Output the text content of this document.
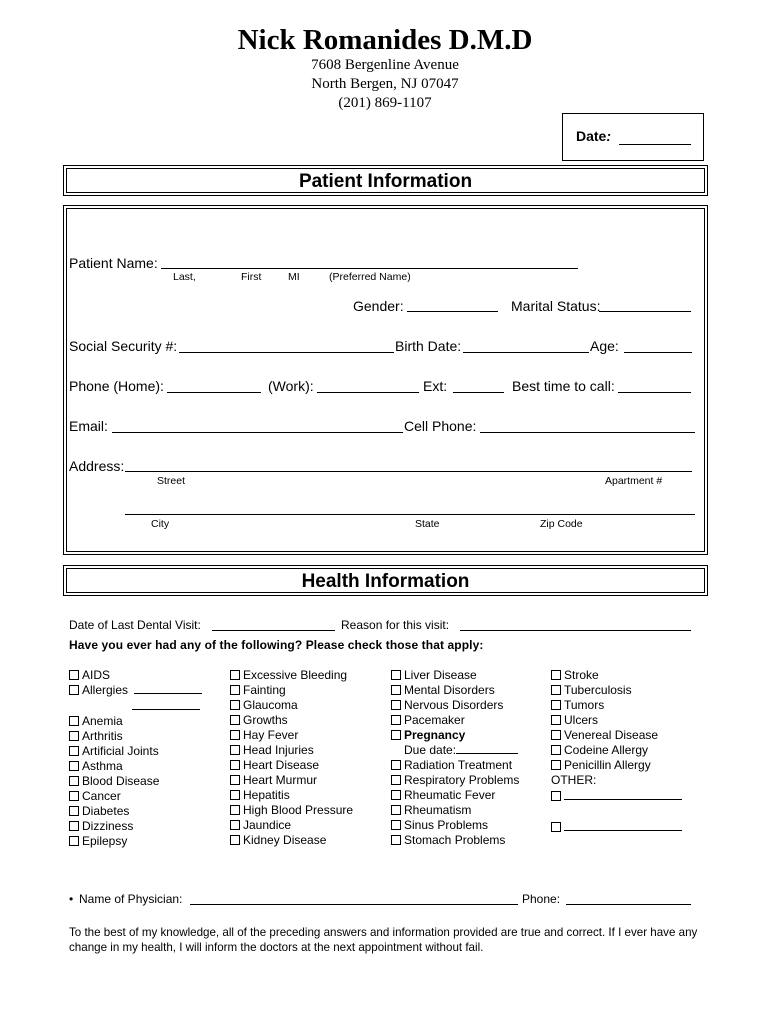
Nick Romanides D.M.D
7608 Bergenline Avenue
North Bergen, NJ 07047
(201) 869-1107
Date:
Patient Information
Patient Name:
Last,	First	MI	(Preferred Name)
Gender:	Marital Status:
Social Security #:	Birth Date:	Age:
Phone (Home):	(Work):	Ext:	Best time to call:
Email:	Cell Phone:
Address:
Street	Apartment #
City	State	Zip Code
Health Information
Date of Last Dental Visit:	Reason for this visit:
Have you ever had any of the following? Please check those that apply:
AIDS
Allergies
Anemia
Arthritis
Artificial Joints
Asthma
Blood Disease
Cancer
Diabetes
Dizziness
Epilepsy
Excessive Bleeding
Fainting
Glaucoma
Growths
Hay Fever
Head Injuries
Heart Disease
Heart Murmur
Hepatitis
High Blood Pressure
Jaundice
Kidney Disease
Liver Disease
Mental Disorders
Nervous Disorders
Pacemaker
Pregnancy
Due date:
Radiation Treatment
Respiratory Problems
Rheumatic Fever
Rheumatism
Sinus Problems
Stomach Problems
Stroke
Tuberculosis
Tumors
Ulcers
Venereal Disease
Codeine Allergy
Penicillin Allergy
OTHER:
• Name of Physician:	Phone:
To the best of my knowledge, all of the preceding answers and information provided are true and correct. If I ever have any change in my health, I will inform the doctors at the next appointment without fail.
